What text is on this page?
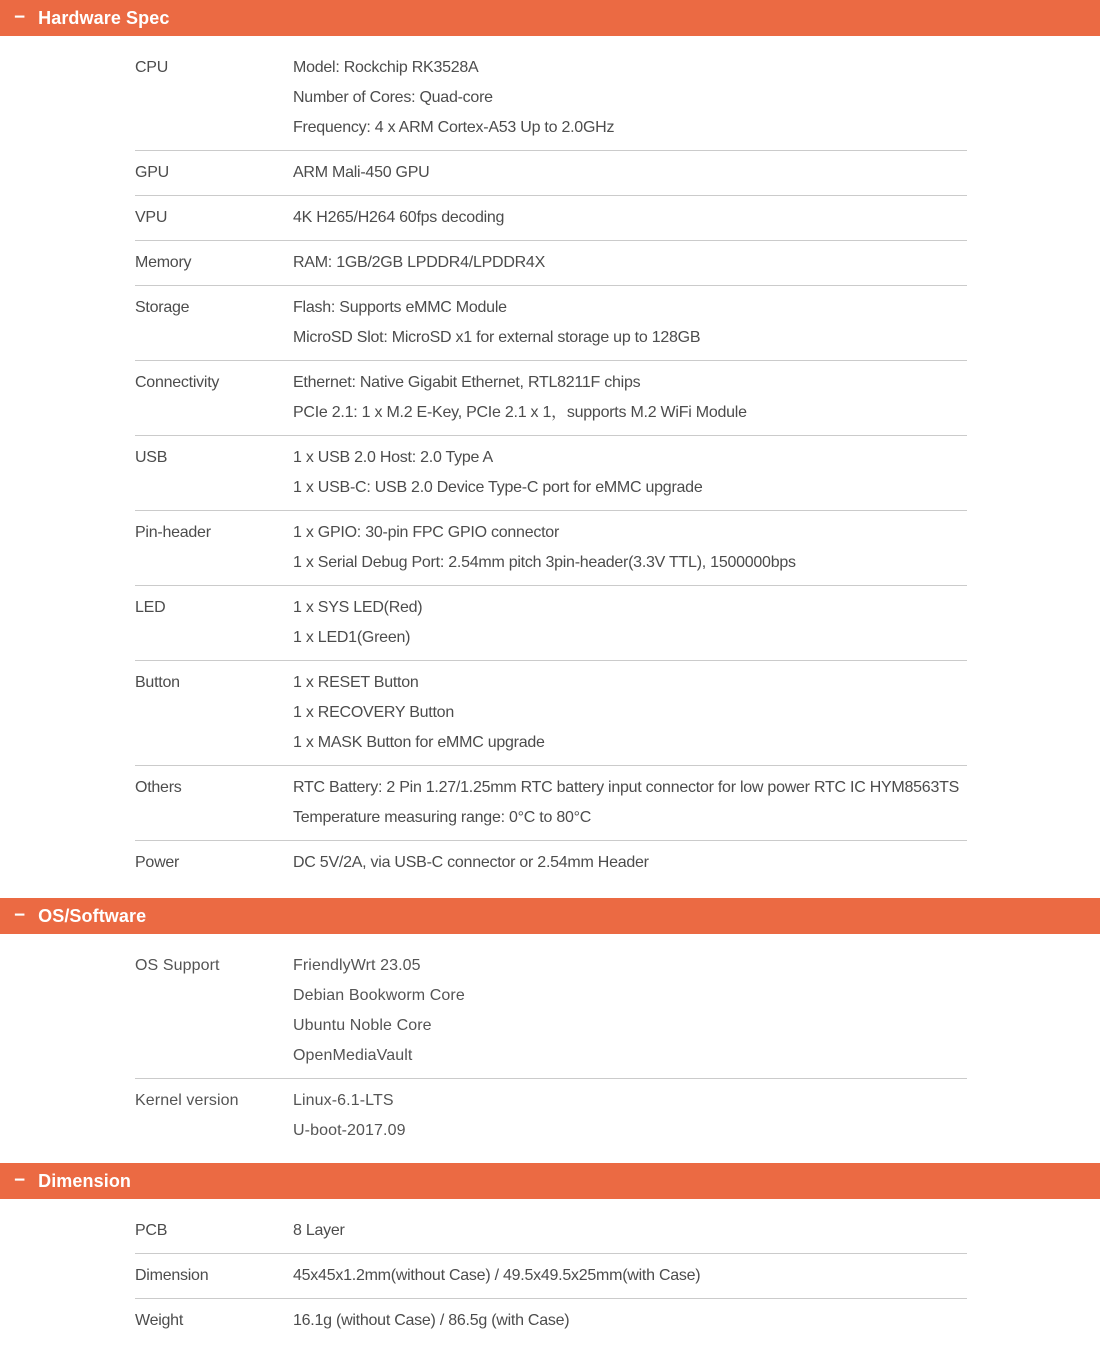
− Hardware Spec
CPU	Model: Rockchip RK3528A
Number of Cores: Quad-core
Frequency: 4 x ARM Cortex-A53 Up to 2.0GHz
GPU	ARM Mali-450 GPU
VPU	4K H265/H264 60fps decoding
Memory	RAM: 1GB/2GB LPDDR4/LPDDR4X
Storage	Flash: Supports eMMC Module
MicroSD Slot: MicroSD x1 for external storage up to 128GB
Connectivity	Ethernet: Native Gigabit Ethernet, RTL8211F chips
PCIe 2.1: 1 x M.2 E-Key, PCIe 2.1 x 1，supports M.2 WiFi Module
USB	1 x USB 2.0 Host: 2.0 Type A
1 x USB-C: USB 2.0 Device Type-C port for eMMC upgrade
Pin-header	1 x GPIO: 30-pin FPC GPIO connector
1 x Serial Debug Port: 2.54mm pitch 3pin-header(3.3V TTL), 1500000bps
LED	1 x SYS LED(Red)
1 x LED1(Green)
Button	1 x RESET Button
1 x RECOVERY Button
1 x MASK Button for eMMC upgrade
Others	RTC Battery: 2 Pin 1.27/1.25mm RTC battery input connector for low power RTC IC HYM8563TS
Temperature measuring range: 0°C to 80°C
Power	DC 5V/2A, via USB-C connector or 2.54mm Header
− OS/Software
OS Support	FriendlyWrt 23.05
Debian Bookworm Core
Ubuntu Noble Core
OpenMediaVault
Kernel version	Linux-6.1-LTS
U-boot-2017.09
− Dimension
PCB	8 Layer
Dimension	45x45x1.2mm(without Case) / 49.5x49.5x25mm(with Case)
Weight	16.1g (without Case) / 86.5g (with Case)
